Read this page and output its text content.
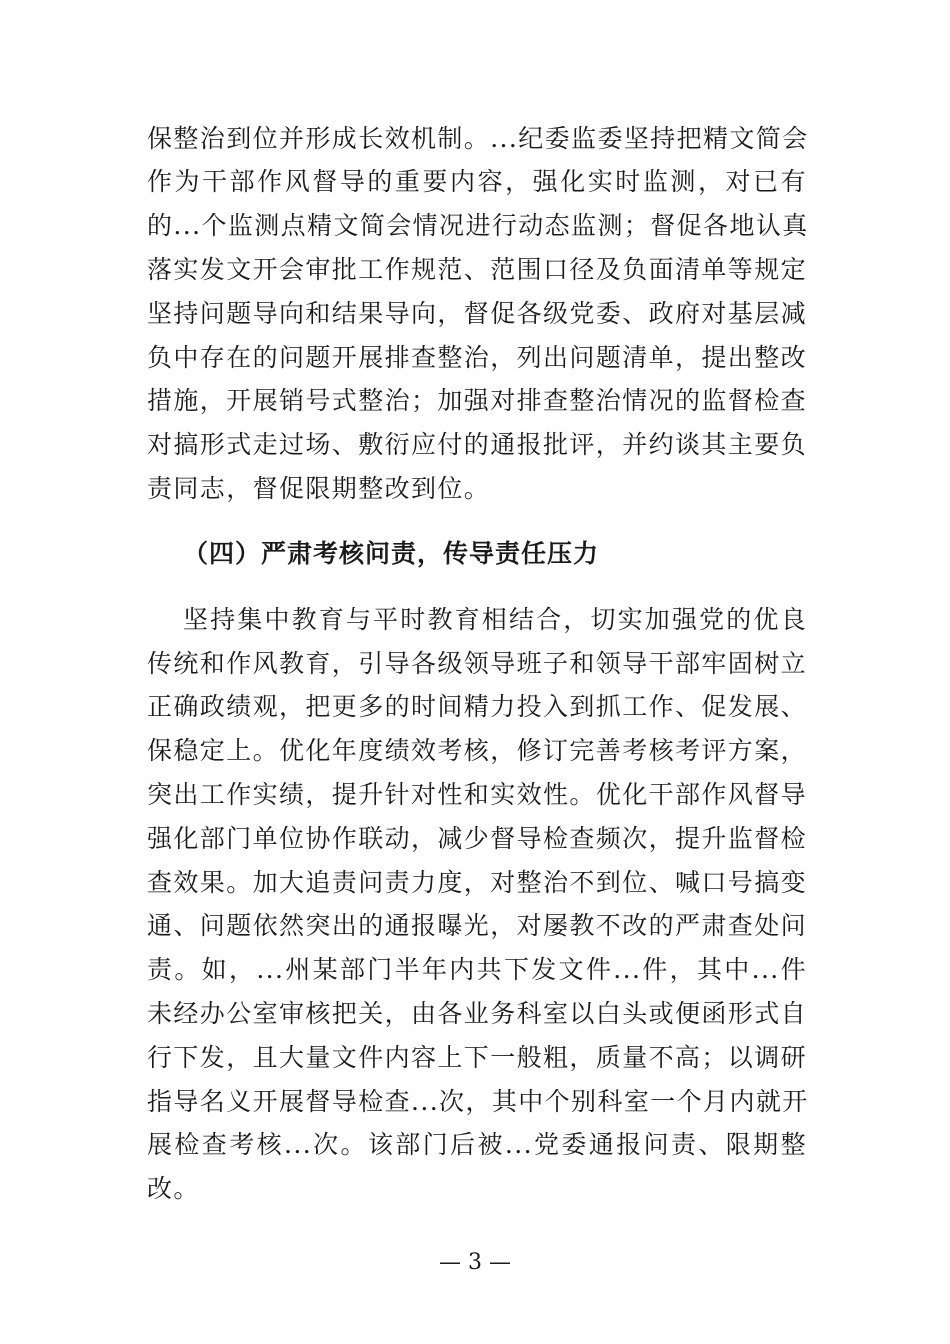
保整治到位并形成长效机制。...纪委监委坚持把精文简会
作为干部作风督导的重要内容，强化实时监测，对已有
的...个监测点精文简会情况进行动态监测；督促各地认真
落实发文开会审批工作规范、范围口径及负面清单等规定
坚持问题导向和结果导向，督促各级党委、政府对基层减
负中存在的问题开展排查整治，列出问题清单，提出整改
措施，开展销号式整治；加强对排查整治情况的监督检查
对搞形式走过场、敷衍应付的通报批评，并约谈其主要负
责同志，督促限期整改到位。
（四）严肃考核问责，传导责任压力
坚持集中教育与平时教育相结合，切实加强党的优良
传统和作风教育，引导各级领导班子和领导干部牢固树立
正确政绩观，把更多的时间精力投入到抓工作、促发展、
保稳定上。优化年度绩效考核，修订完善考核考评方案，
突出工作实绩，提升针对性和实效性。优化干部作风督导
强化部门单位协作联动，减少督导检查频次，提升监督检
查效果。加大追责问责力度，对整治不到位、喊口号搞变
通、问题依然突出的通报曝光，对屡教不改的严肃查处问
责。如，...州某部门半年内共下发文件...件，其中...件
未经办公室审核把关，由各业务科室以白头或便函形式自
行下发，且大量文件内容上下一般粗，质量不高；以调研
指导名义开展督导检查...次，其中个别科室一个月内就开
展检查考核...次。该部门后被...党委通报问责、限期整
改。
— 3 —
